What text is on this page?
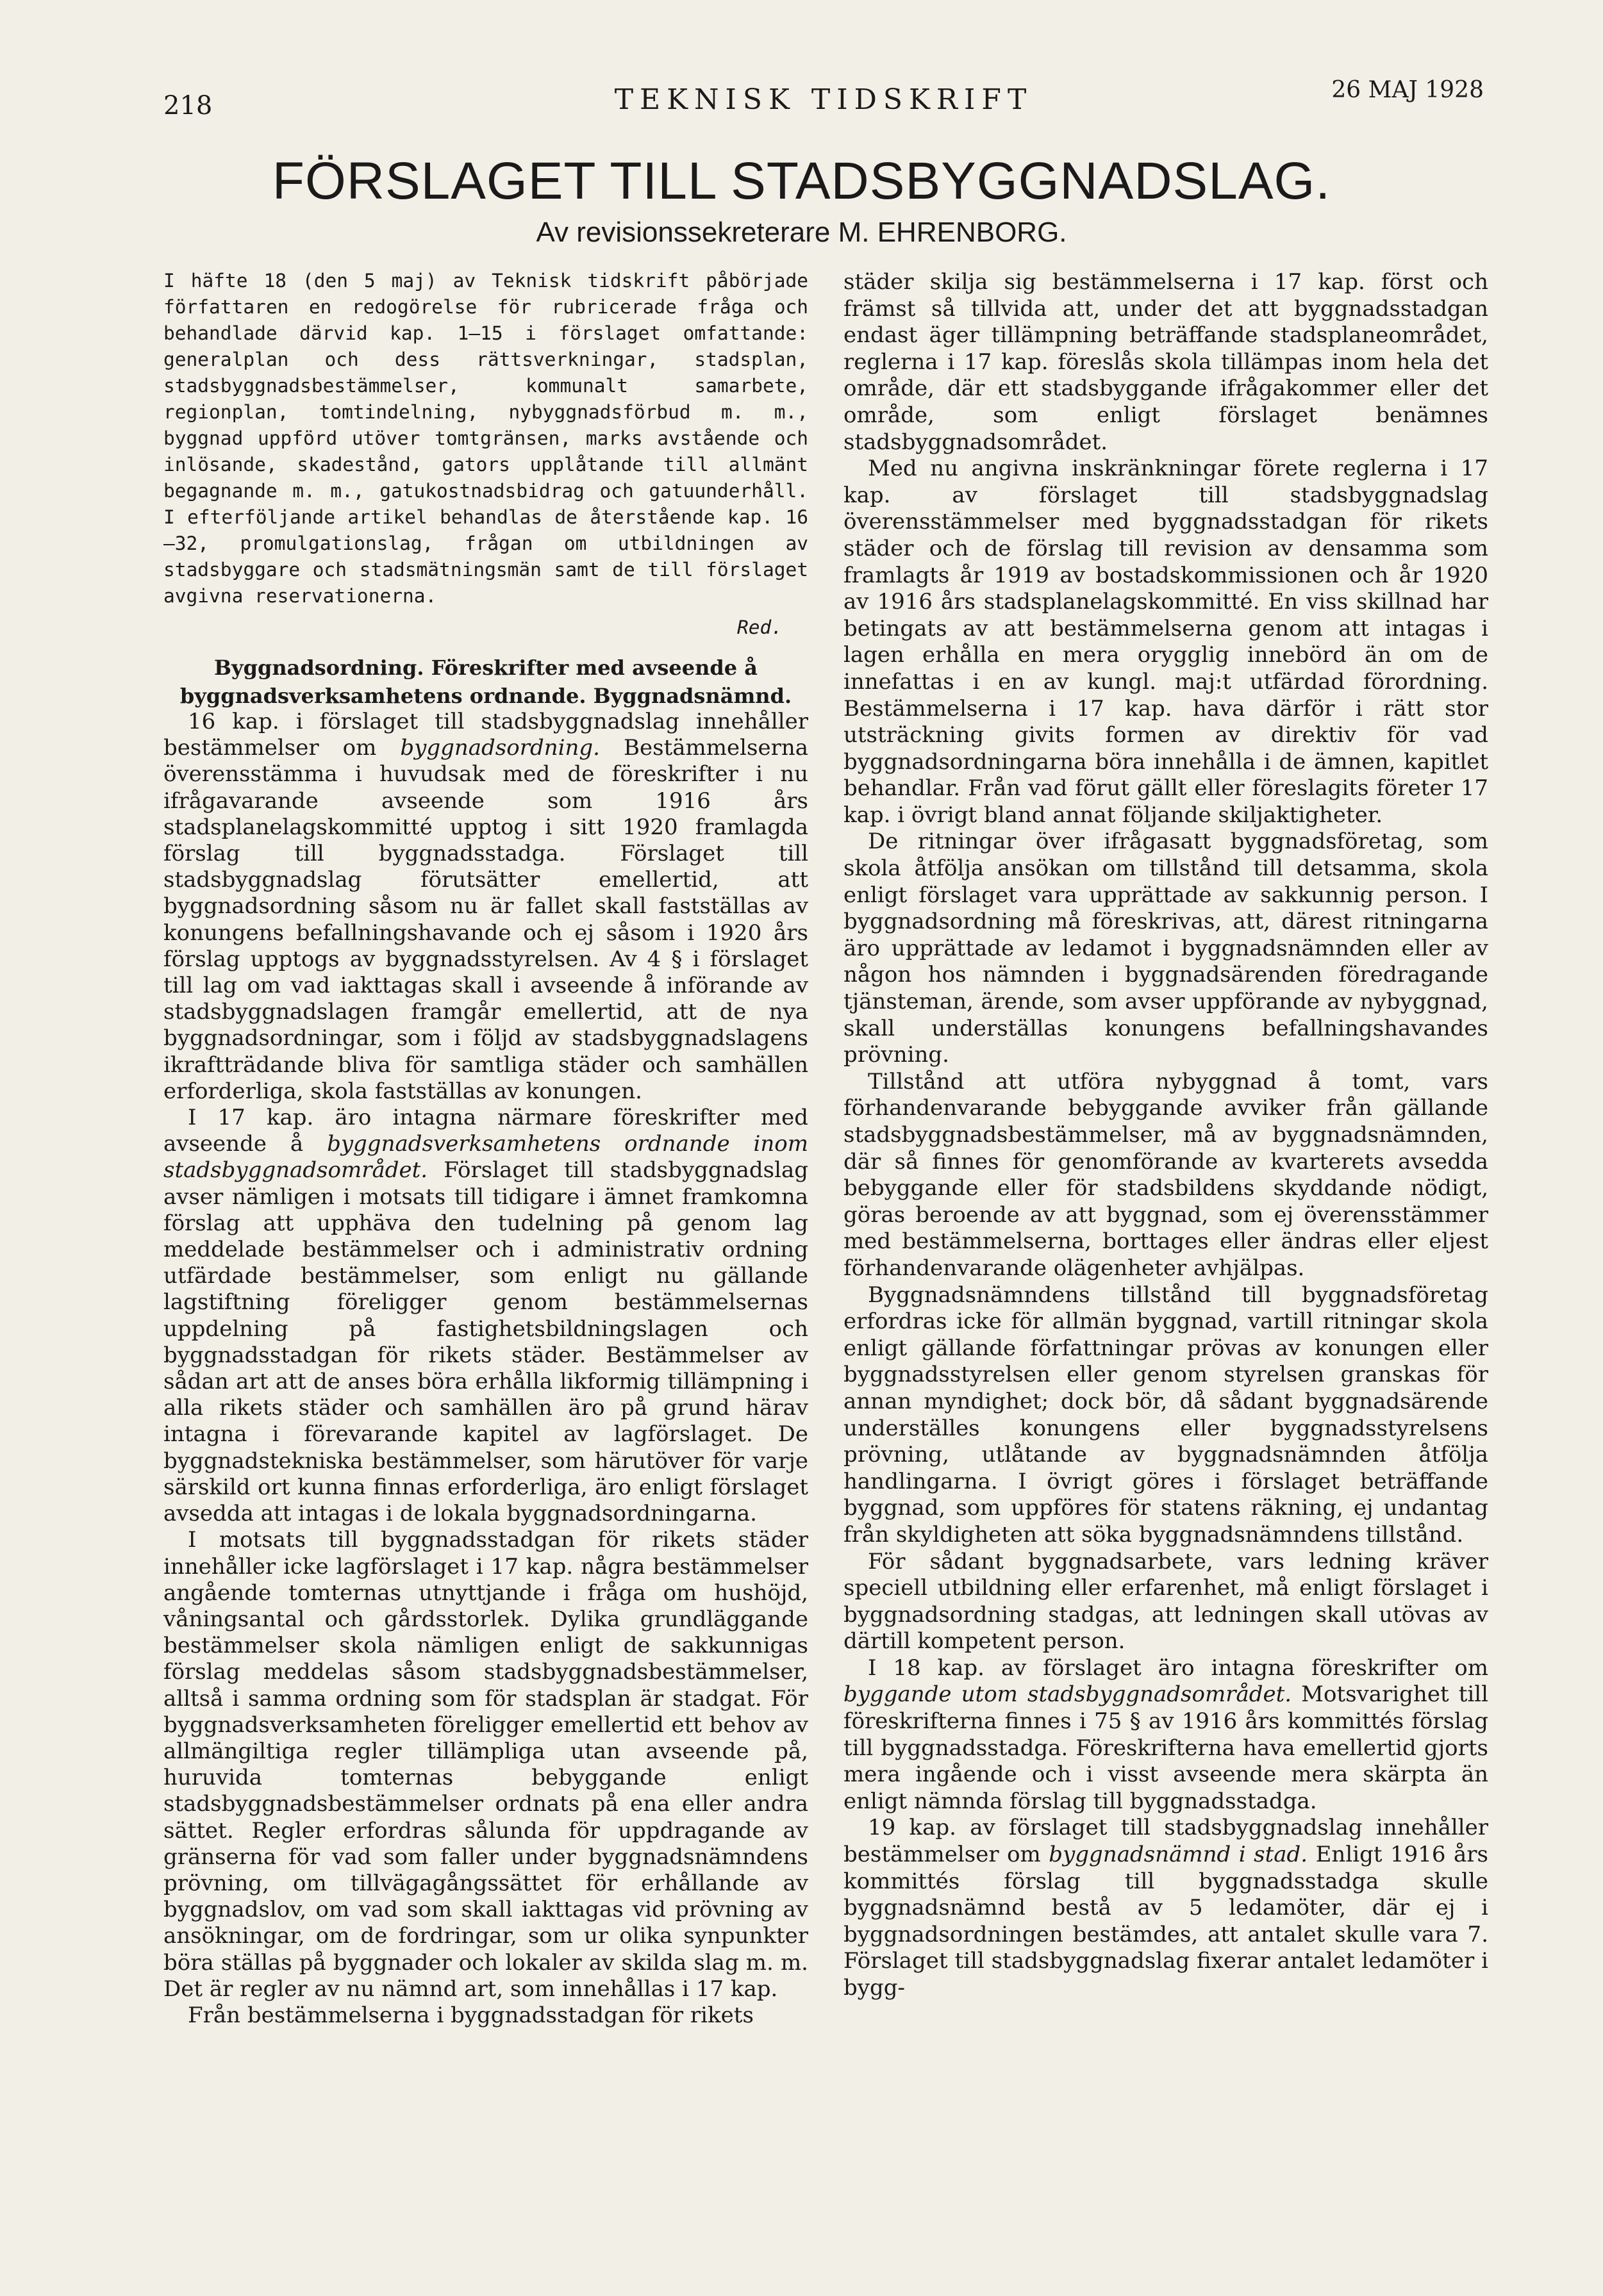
218	TEKNISK TIDSKRIFT	26 MAJ 1928
FÖRSLAGET TILL STADSBYGGNADSLAG.
Av revisionssekreterare M. EHRENBORG.

I häfte 18 (den 5 maj) av Teknisk tidskrift påbörjade författaren en redogörelse för rubricerade fråga och behandlade därvid kap. 1—15 i förslaget omfattande: generalplan och dess rättsverkningar, stadsplan, stadsbyggnadsbestämmelser, kommunalt samarbete, regionplan, tomtindelning, nybyggnadsförbud m. m., byggnad uppförd utöver tomtgränsen, marks avstående och inlösande, skadestånd, gators upplåtande till allmänt begagnande m. m., gatukostnadsbidrag och gatuunderhåll. I efterföljande artikel behandlas de återstående kap. 16—32, promulgationslag, frågan om utbildningen av stadsbyggare och stadsmätningsmän samt de till förslaget avgivna reservationerna.

Red.

Byggnadsordning. Föreskrifter med avseende å byggnadsverksamhetens ordnande. Byggnadsnämnd.

16 kap. i förslaget till stadsbyggnadslag innehåller bestämmelser om byggnadsordning. Bestämmelserna överensstämma i huvudsak med de föreskrifter i nu ifrågavarande avseende som 1916 års stadsplanelagskommitté upptog i sitt 1920 framlagda förslag till byggnadsstadga. Förslaget till stadsbyggnadslag förutsätter emellertid, att byggnadsordning såsom nu är fallet skall fastställas av konungens befallningshavande och ej såsom i 1920 års förslag upptogs av byggnadsstyrelsen. Av 4 § i förslaget till lag om vad iakttagas skall i avseende å införande av stadsbyggnadslagen framgår emellertid, att de nya byggnadsordningar, som i följd av stadsbyggnadslagens ikraftträdande bliva för samtliga städer och samhällen erforderliga, skola fastställas av konungen.

I 17 kap. äro intagna närmare föreskrifter med avseende å byggnadsverksamhetens ordnande inom stadsbyggnadsområdet. Förslaget till stadsbyggnadslag avser nämligen i motsats till tidigare i ämnet framkomna förslag att upphäva den tudelning på genom lag meddelade bestämmelser och i administrativ ordning utfärdade bestämmelser, som enligt nu gällande lagstiftning föreligger genom bestämmelsernas uppdelning på fastighetsbildningslagen och byggnadsstadgan för rikets städer. Bestämmelser av sådan art att de anses böra erhålla likformig tillämpning i alla rikets städer och samhällen äro på grund härav intagna i förevarande kapitel av lagförslaget. De byggnadstekniska bestämmelser, som härutöver för varje särskild ort kunna finnas erforderliga, äro enligt förslaget avsedda att intagas i de lokala byggnadsordningarna.

I motsats till byggnadsstadgan för rikets städer innehåller icke lagförslaget i 17 kap. några bestämmelser angående tomternas utnyttjande i fråga om hushöjd, våningsantal och gårdsstorlek. Dylika grundläggande bestämmelser skola nämligen enligt de sakkunnigas förslag meddelas såsom stadsbyggnadsbestämmelser, alltså i samma ordning som för stadsplan är stadgat. För byggnadsverksamheten föreligger emellertid ett behov av allmängiltiga regler tillämpliga utan avseende på, huruvida tomternas bebyggande enligt stadsbyggnadsbestämmelser ordnats på ena eller andra sättet. Regler erfordras sålunda för uppdragande av gränserna för vad som faller under byggnadsnämndens prövning, om tillvägagångssättet för erhållande av byggnadslov, om vad som skall iakttagas vid prövning av ansökningar, om de fordringar, som ur olika synpunkter böra ställas på byggnader och lokaler av skilda slag m. m. Det är regler av nu nämnd art, som innehållas i 17 kap.

Från bestämmelserna i byggnadsstadgan för rikets

städer skilja sig bestämmelserna i 17 kap. först och främst så tillvida att, under det att byggnadsstadgan endast äger tillämpning beträffande stadsplaneområdet, reglerna i 17 kap. föreslås skola tillämpas inom hela det område, där ett stadsbyggande ifrågakommer eller det område, som enligt förslaget benämnes stadsbyggnadsområdet.

Med nu angivna inskränkningar förete reglerna i 17 kap. av förslaget till stadsbyggnadslag överensstämmelser med byggnadsstadgan för rikets städer och de förslag till revision av densamma som framlagts år 1919 av bostadskommissionen och år 1920 av 1916 års stadsplanelagskommitté. En viss skillnad har betingats av att bestämmelserna genom att intagas i lagen erhålla en mera orygglig innebörd än om de innefattas i en av kungl. maj:t utfärdad förordning. Bestämmelserna i 17 kap. hava därför i rätt stor utsträckning givits formen av direktiv för vad byggnadsordningarna böra innehålla i de ämnen, kapitlet behandlar. Från vad förut gällt eller föreslagits företer 17 kap. i övrigt bland annat följande skiljaktigheter.

De ritningar över ifrågasatt byggnadsföretag, som skola åtfölja ansökan om tillstånd till detsamma, skola enligt förslaget vara upprättade av sakkunnig person. I byggnadsordning må föreskrivas, att, därest ritningarna äro upprättade av ledamot i byggnadsnämnden eller av någon hos nämnden i byggnadsärenden föredragande tjänsteman, ärende, som avser uppförande av nybyggnad, skall underställas konungens befallningshavandes prövning.

Tillstånd att utföra nybyggnad å tomt, vars förhandenvarande bebyggande avviker från gällande stadsbyggnadsbestämmelser, må av byggnadsnämnden, där så finnes för genomförande av kvarterets avsedda bebyggande eller för stadsbildens skyddande nödigt, göras beroende av att byggnad, som ej överensstämmer med bestämmelserna, borttages eller ändras eller eljest förhandenvarande olägenheter avhjälpas.

Byggnadsnämndens tillstånd till byggnadsföretag erfordras icke för allmän byggnad, vartill ritningar skola enligt gällande författningar prövas av konungen eller byggnadsstyrelsen eller genom styrelsen granskas för annan myndighet; dock bör, då sådant byggnadsärende underställes konungens eller byggnadsstyrelsens prövning, utlåtande av byggnadsnämnden åtfölja handlingarna. I övrigt göres i förslaget beträffande byggnad, som uppföres för statens räkning, ej undantag från skyldigheten att söka byggnadsnämndens tillstånd.

För sådant byggnadsarbete, vars ledning kräver speciell utbildning eller erfarenhet, må enligt förslaget i byggnadsordning stadgas, att ledningen skall utövas av därtill kompetent person.

I 18 kap. av förslaget äro intagna föreskrifter om byggande utom stadsbyggnadsområdet. Motsvarighet till föreskrifterna finnes i 75 § av 1916 års kommittés förslag till byggnadsstadga. Föreskrifterna hava emellertid gjorts mera ingående och i visst avseende mera skärpta än enligt nämnda förslag till byggnadsstadga.

19 kap. av förslaget till stadsbyggnadslag innehåller bestämmelser om byggnadsnämnd i stad. Enligt 1916 års kommittés förslag till byggnadsstadga skulle byggnadsnämnd bestå av 5 ledamöter, där ej i byggnadsordningen bestämdes, att antalet skulle vara 7. Förslaget till stadsbyggnadslag fixerar antalet ledamöter i bygg-
